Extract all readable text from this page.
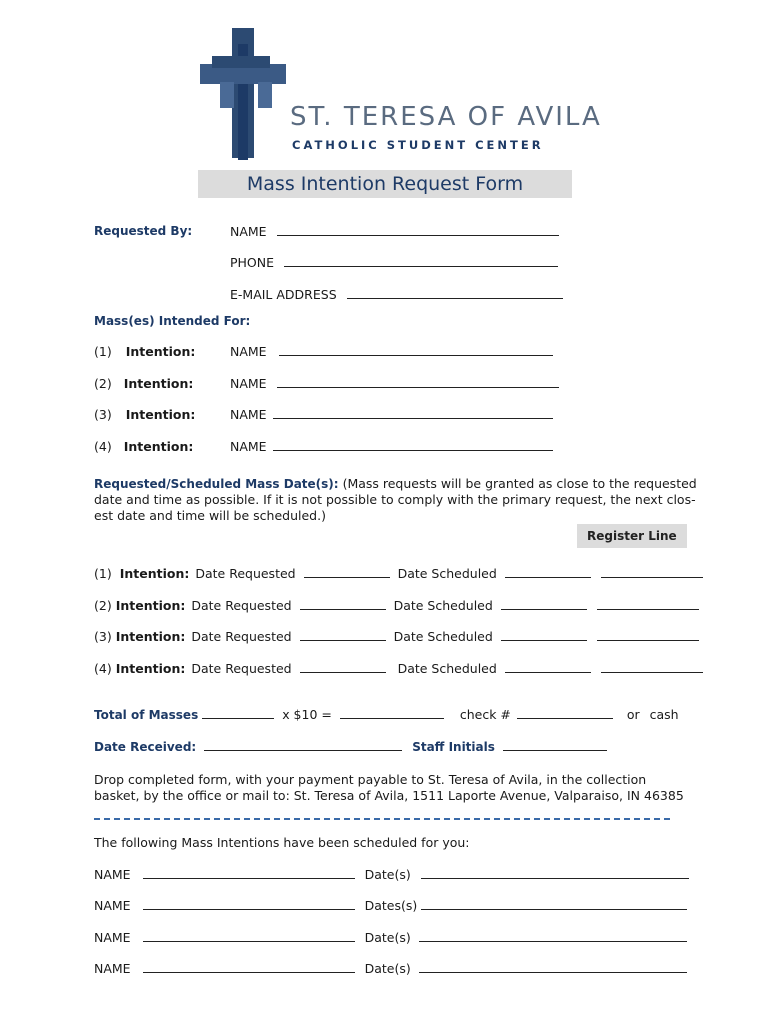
ST. TERESA OF AVILA
CATHOLIC STUDENT CENTER
Mass Intention Request Form
Requested By:	NAME
PHONE
E-MAIL ADDRESS
Mass(es) Intended For:
(1) Intention:	NAME
(2) Intention:	NAME
(3) Intention:	NAME
(4) Intention:	NAME
Requested/Scheduled Mass Date(s): (Mass requests will be granted as close to the requested
date and time as possible. If it is not possible to comply with the primary request, the next clos-
est date and time will be scheduled.)
Register Line
(1) Intention: Date Requested	Date Scheduled
(2) Intention: Date Requested	Date Scheduled
(3) Intention: Date Requested	Date Scheduled
(4) Intention: Date Requested	Date Scheduled
Total of Masses	x $10 =	check #	or cash
Date Received:	Staff Initials
Drop completed form, with your payment payable to St. Teresa of Avila, in the collection
basket, by the office or mail to: St. Teresa of Avila, 1511 Laporte Avenue, Valparaiso, IN 46385
The following Mass Intentions have been scheduled for you:
NAME	Date(s)
NAME	Dates(s)
NAME	Date(s)
NAME	Date(s)
